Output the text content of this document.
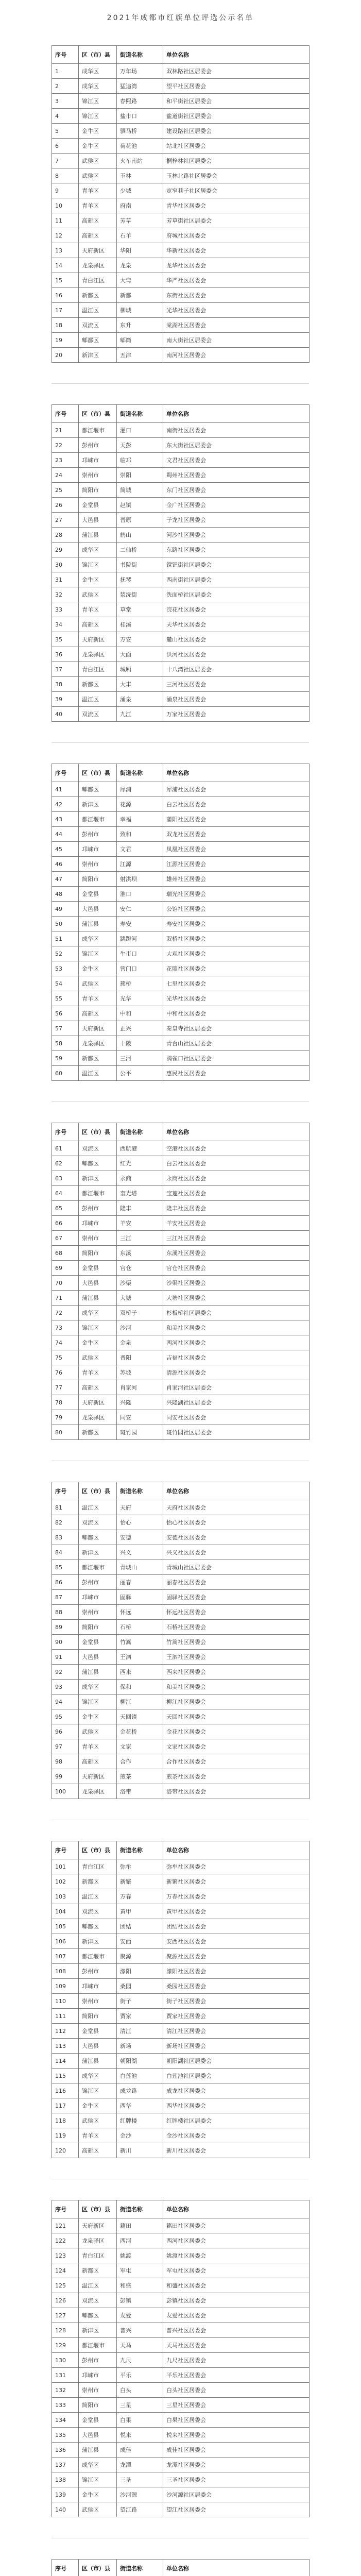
2021年成都市红旗单位评选公示名单
序号	区（市）县	街道名称	单位名称
1	成华区	万年场	双林路社区居委会
2	成华区	猛追湾	望平社区居委会
3	锦江区	春熙路	和平街社区居委会
4	锦江区	盐市口	盐道街社区居委会
5	金牛区	驷马桥	建设路社区居委会
6	金牛区	荷花池	站北社区居委会
7	武侯区	火车南站	桐梓林社区居委会
8	武侯区	玉林	玉林北路社区居委会
9	青羊区	少城	宽窄巷子社区居委会
10	青羊区	府南	青华社区居委会
11	高新区	芳草	芳草街社区居委会
12	高新区	石羊	府城社区居委会
13	天府新区	华阳	华新社区居委会
14	龙泉驿区	龙泉	龙华社区居委会
15	青白江区	大弯	华严社区居委会
16	新都区	新都	东街社区居委会
17	温江区	柳城	光华社区居委会
18	双流区	东升	棠湖社区居委会
19	郫都区	郫筒	南大街社区居委会
20	新津区	五津	南河社区居委会
序号	区（市）县	街道名称	单位名称
21	都江堰市	灌口	南街社区居委会
22	彭州市	天彭	东大街社区居委会
23	邛崃市	临邛	文君社区居委会
24	崇州市	崇阳	蜀州社区居委会
25	简阳市	简城	东门社区居委会
26	金堂县	赵镇	金广社区居委会
27	大邑县	晋原	子龙社区居委会
28	蒲江县	鹤山	河沙社区居委会
29	成华区	二仙桥	东路社区居委会
30	锦江区	书院街	镋钯街社区居委会
31	金牛区	抚琴	西南街社区居委会
32	武侯区	浆洗街	洗面桥社区居委会
33	青羊区	草堂	浣花社区居委会
34	高新区	桂溪	天华社区居委会
35	天府新区	万安	麓山社区居委会
36	龙泉驿区	大面	洪河社区居委会
37	青白江区	城厢	十八湾社区居委会
38	新都区	大丰	三河社区居委会
39	温江区	涌泉	涌泉社区居委会
40	双流区	九江	万家社区居委会
序号	区（市）县	街道名称	单位名称
41	郫都区	犀浦	犀浦社区居委会
42	新津区	花源	白云社区居委会
43	都江堰市	幸福	蒲阳社区居委会
44	彭州市	致和	双龙社区居委会
45	邛崃市	文君	凤凰社区居委会
46	崇州市	江源	江源社区居委会
47	简阳市	射洪坝	雄州社区居委会
48	金堂县	淮口	瑞光社区居委会
49	大邑县	安仁	公馆社区居委会
50	蒲江县	寿安	寿安社区居委会
51	成华区	跳蹬河	双桥社区居委会
52	锦江区	牛市口	大观社区居委会
53	金牛区	营门口	花照社区居委会
54	武侯区	簇桥	七里社区居委会
55	青羊区	光华	光华社区居委会
56	高新区	中和	中和社区居委会
57	天府新区	正兴	秦皇寺社区居委会
58	龙泉驿区	十陵	青台山社区居委会
59	新都区	三河	鸦雀口社区居委会
60	温江区	公平	惠民社区居委会
序号	区（市）县	街道名称	单位名称
61	双流区	西航港	空港社区居委会
62	郫都区	红光	白云社区居委会
63	新津区	永商	永商社区居委会
64	都江堰市	奎光塔	宝莲社区居委会
65	彭州市	隆丰	隆丰社区居委会
66	邛崃市	羊安	羊安社区居委会
67	崇州市	三江	三江社区居委会
68	简阳市	东溪	东溪社区居委会
69	金堂县	官仓	官仓社区居委会
70	大邑县	沙渠	沙渠社区居委会
71	蒲江县	大塘	大塘社区居委会
72	成华区	双桥子	杉板桥社区居委会
73	锦江区	沙河	和美社区居委会
74	金牛区	金泉	两河社区居委会
75	武侯区	晋阳	吉福社区居委会
76	青羊区	苏坡	清源社区居委会
77	高新区	肖家河	肖家河社区居委会
78	天府新区	兴隆	兴隆湖社区居委会
79	龙泉驿区	同安	同安社区居委会
80	新都区	斑竹园	斑竹园社区居委会
序号	区（市）县	街道名称	单位名称
81	温江区	天府	天府社区居委会
82	双流区	怡心	怡心社区居委会
83	郫都区	安德	安德社区居委会
84	新津区	兴义	兴义社区居委会
85	都江堰市	青城山	青城山社区居委会
86	彭州市	丽春	丽春社区居委会
87	邛崃市	固驿	固驿社区居委会
88	崇州市	怀远	怀远社区居委会
89	简阳市	石桥	石桥社区居委会
90	金堂县	竹篙	竹篙社区居委会
91	大邑县	王泗	王泗社区居委会
92	蒲江县	西来	西来社区居委会
93	成华区	保和	和美社区居委会
94	锦江区	柳江	柳江社区居委会
95	金牛区	天回镇	天回社区居委会
96	武侯区	金花桥	金花社区居委会
97	青羊区	文家	文家社区居委会
98	高新区	合作	合作社区居委会
99	天府新区	煎茶	煎茶社区居委会
100	龙泉驿区	洛带	洛带社区居委会
序号	区（市）县	街道名称	单位名称
101	青白江区	弥牟	弥牟社区居委会
102	新都区	新繁	新繁社区居委会
103	温江区	万春	万春社区居委会
104	双流区	黄甲	黄甲社区居委会
105	郫都区	团结	团结社区居委会
106	新津区	安西	安西社区居委会
107	都江堰市	聚源	聚源社区居委会
108	彭州市	濛阳	濛阳社区居委会
109	邛崃市	桑园	桑园社区居委会
110	崇州市	街子	街子社区居委会
111	简阳市	贾家	贾家社区居委会
112	金堂县	清江	清江社区居委会
113	大邑县	新场	新场社区居委会
114	蒲江县	朝阳湖	朝阳湖社区居委会
115	成华区	白莲池	白莲池社区居委会
116	锦江区	成龙路	成龙社区居委会
117	金牛区	西华	西华社区居委会
118	武侯区	红牌楼	红牌楼社区居委会
119	青羊区	金沙	金沙社区居委会
120	高新区	新川	新川社区居委会
序号	区（市）县	街道名称	单位名称
121	天府新区	籍田	籍田社区居委会
122	龙泉驿区	西河	西河社区居委会
123	青白江区	姚渡	姚渡社区居委会
124	新都区	军屯	军屯社区居委会
125	温江区	和盛	和盛社区居委会
126	双流区	彭镇	彭镇社区居委会
127	郫都区	友爱	友爱社区居委会
128	新津区	普兴	普兴社区居委会
129	都江堰市	天马	天马社区居委会
130	彭州市	九尺	九尺社区居委会
131	邛崃市	平乐	平乐社区居委会
132	崇州市	白头	白头社区居委会
133	简阳市	三星	三星社区居委会
134	金堂县	白果	白果社区居委会
135	大邑县	悦来	悦来社区居委会
136	蒲江县	成佳	成佳社区居委会
137	成华区	龙潭	龙潭社区居委会
138	锦江区	三圣	三圣社区居委会
139	金牛区	沙河源	沙河源社区居委会
140	武侯区	望江路	望江社区居委会
序号	区（市）县	街道名称	单位名称
